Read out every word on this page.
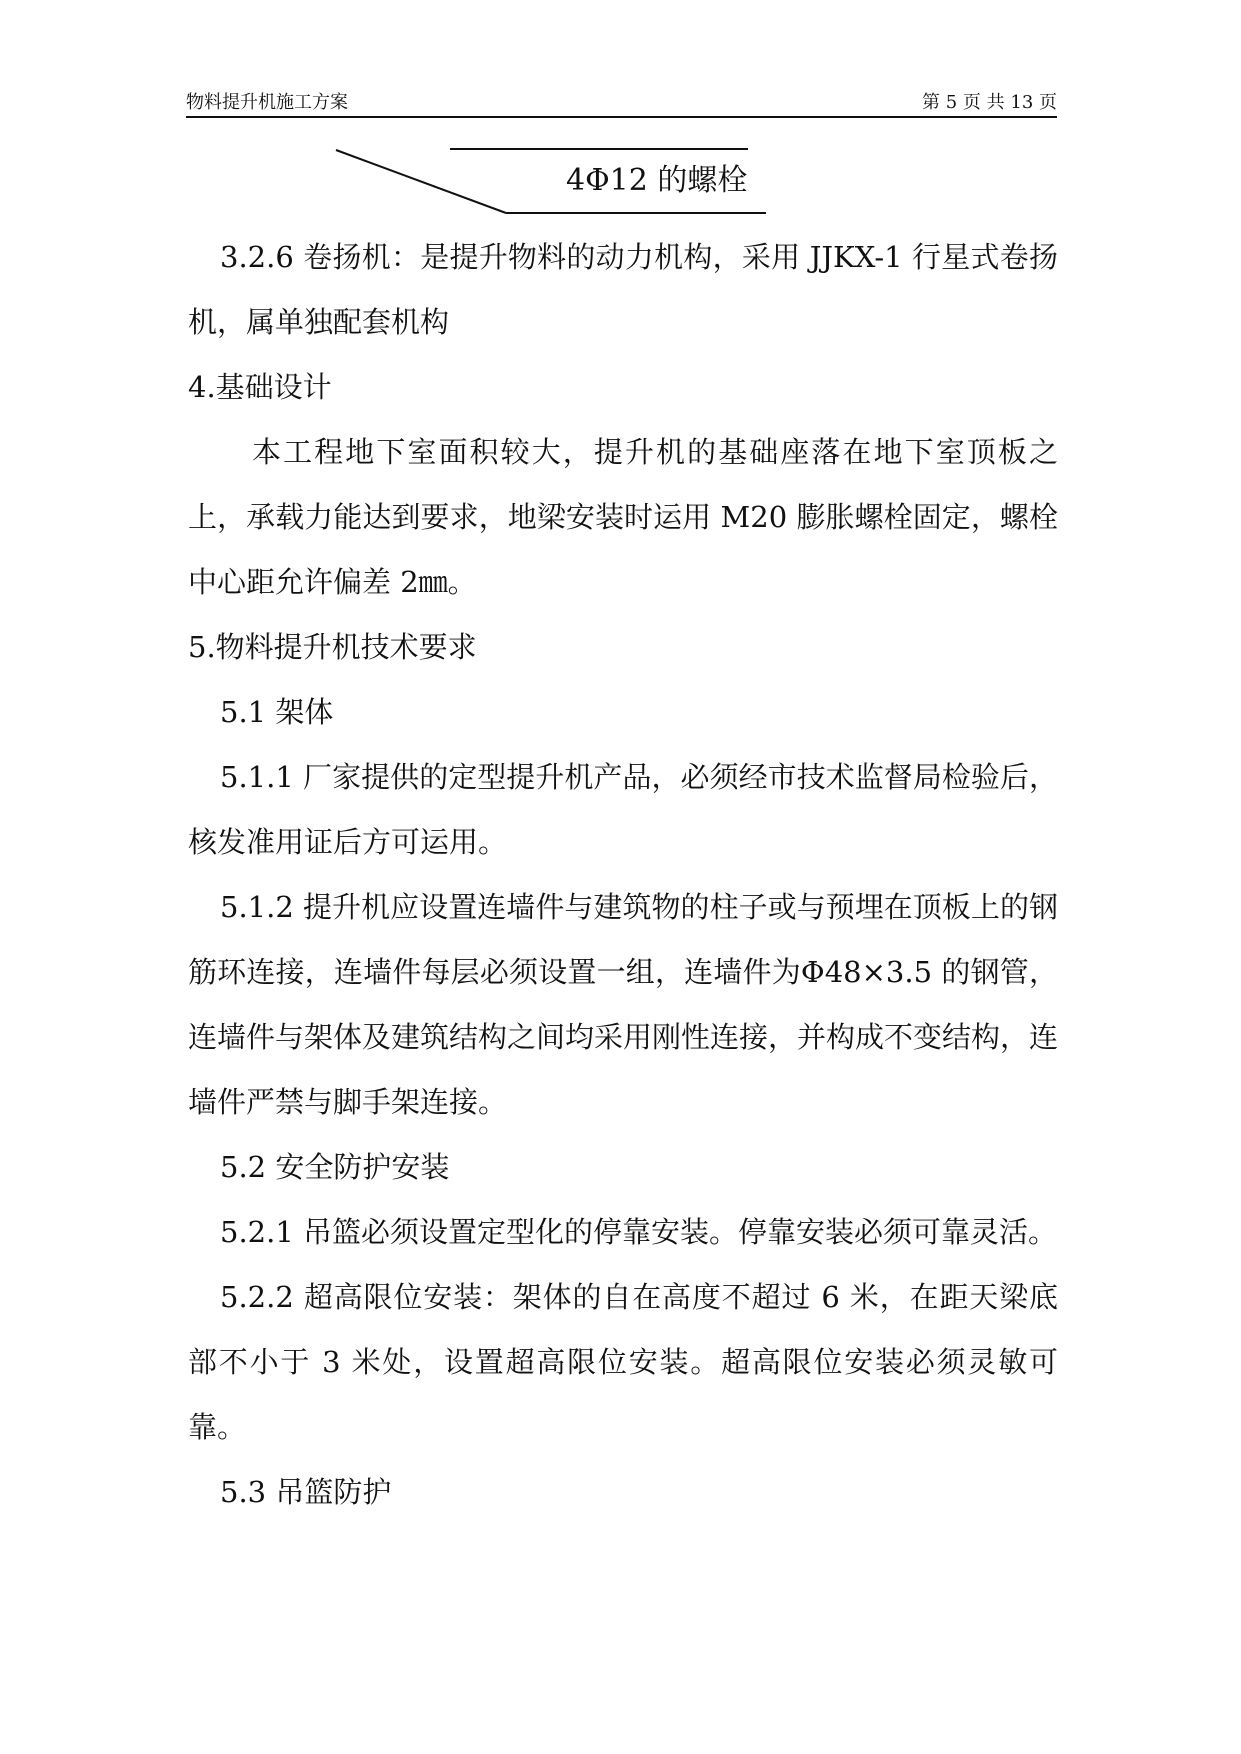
物料提升机施工方案	第 5 页 共 13 页
4Φ12 的螺栓

3.2.6 卷扬机：是提升物料的动力机构，采用 JJKX-1 行星式卷扬机，属单独配套机构

4.基础设计

本工程地下室面积较大，提升机的基础座落在地下室顶板之上，承载力能达到要求，地梁安装时运用 M20 膨胀螺栓固定，螺栓中心距允许偏差 2㎜。

5.物料提升机技术要求

5.1 架体

5.1.1 厂家提供的定型提升机产品，必须经市技术监督局检验后，核发准用证后方可运用。

5.1.2 提升机应设置连墙件与建筑物的柱子或与预埋在顶板上的钢筋环连接，连墙件每层必须设置一组，连墙件为Φ48×3.5 的钢管，连墙件与架体及建筑结构之间均采用刚性连接，并构成不变结构，连墙件严禁与脚手架连接。

5.2 安全防护安装

5.2.1 吊篮必须设置定型化的停靠安装。停靠安装必须可靠灵活。

5.2.2 超高限位安装：架体的自在高度不超过 6 米，在距天梁底部不小于 3 米处，设置超高限位安装。超高限位安装必须灵敏可靠。

5.3 吊篮防护
